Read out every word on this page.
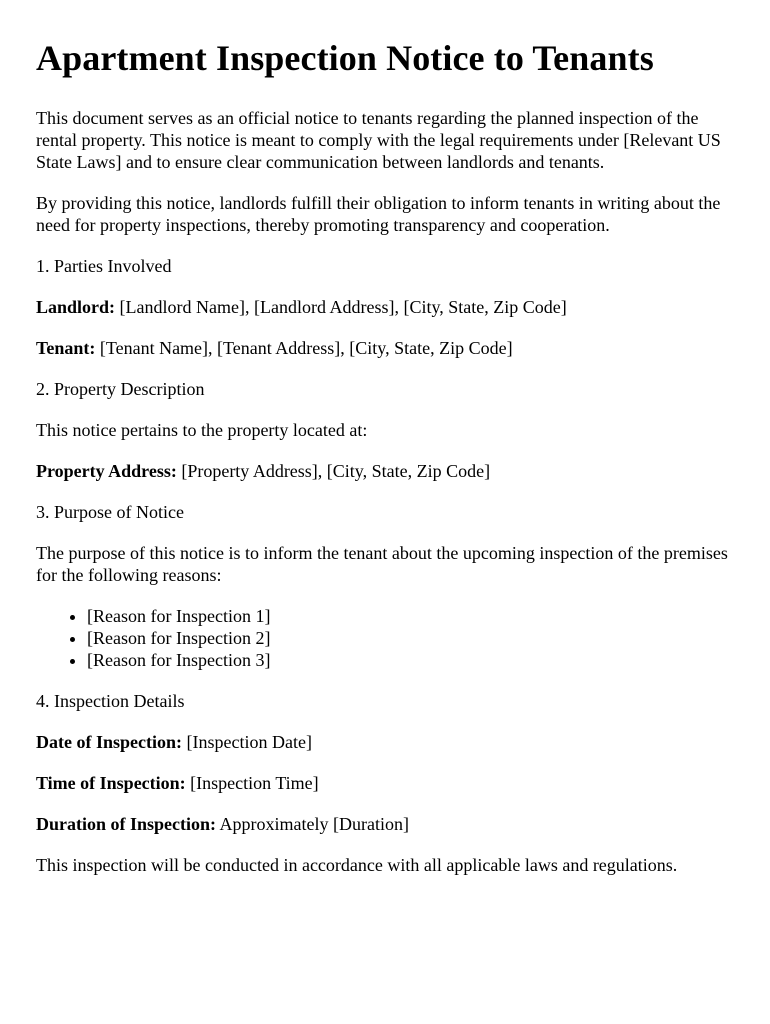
Apartment Inspection Notice to Tenants

This document serves as an official notice to tenants regarding the planned inspection of the rental property. This notice is meant to comply with the legal requirements under [Relevant US State Laws] and to ensure clear communication between landlords and tenants.

By providing this notice, landlords fulfill their obligation to inform tenants in writing about the need for property inspections, thereby promoting transparency and cooperation.

1. Parties Involved

Landlord: [Landlord Name], [Landlord Address], [City, State, Zip Code]

Tenant: [Tenant Name], [Tenant Address], [City, State, Zip Code]

2. Property Description

This notice pertains to the property located at:

Property Address: [Property Address], [City, State, Zip Code]

3. Purpose of Notice

The purpose of this notice is to inform the tenant about the upcoming inspection of the premises for the following reasons:

• [Reason for Inspection 1]
• [Reason for Inspection 2]
• [Reason for Inspection 3]

4. Inspection Details

Date of Inspection: [Inspection Date]

Time of Inspection: [Inspection Time]

Duration of Inspection: Approximately [Duration]

This inspection will be conducted in accordance with all applicable laws and regulations.
